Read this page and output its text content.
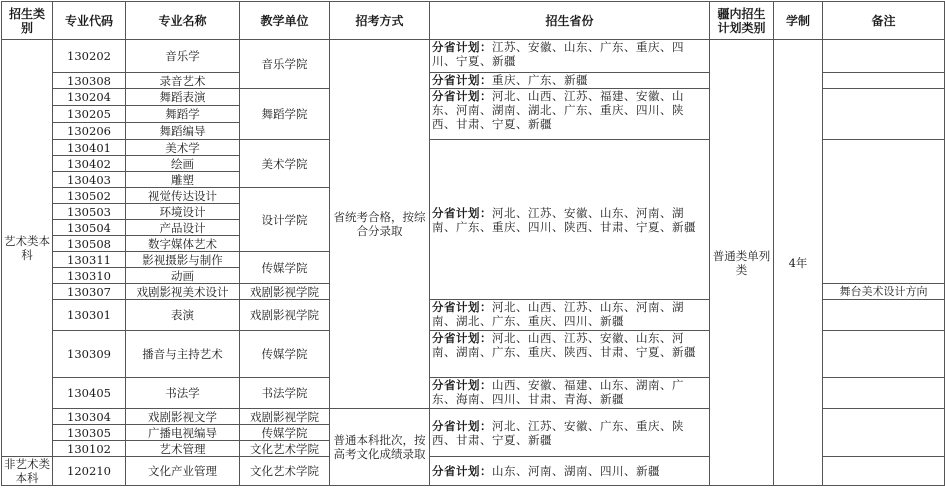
招生类别	专业代码	专业名称	教学单位	招考方式	招生省份	疆内招生计划类别	学制	备注
艺术类本科	130202	音乐学	音乐学院	省统考合格，按综合分录取	分省计划：江苏、安徽、山东、广东、重庆、四川、宁夏、新疆	普通类单列类	4年	
	130308	录音艺术			分省计划：重庆、广东、新疆			
	130204	舞蹈表演	舞蹈学院		分省计划：河北、山西、江苏、福建、安徽、山东、河南、湖南、湖北、广东、重庆、四川、陕西、甘肃、宁夏、新疆			
	130205	舞蹈学						
	130206	舞蹈编导						
	130401	美术学	美术学院		分省计划：河北、江苏、安徽、山东、河南、湖南、广东、重庆、四川、陕西、甘肃、宁夏、新疆			
	130402	绘画						
	130403	雕塑						
	130502	视觉传达设计	设计学院					
	130503	环境设计						
	130504	产品设计						
	130508	数字媒体艺术						
	130311	影视摄影与制作	传媒学院					
	130310	动画						
	130307	戏剧影视美术设计	戏剧影视学院					舞台美术设计方向
	130301	表演	戏剧影视学院		分省计划：河北、山西、江苏、山东、河南、湖南、湖北、广东、重庆、四川、新疆			
	130309	播音与主持艺术	传媒学院		分省计划：河北、山西、江苏、安徽、山东、河南、湖南、广东、重庆、陕西、甘肃、宁夏、新疆			
	130405	书法学	书法学院		分省计划：山西、安徽、福建、山东、湖南、广东、海南、四川、甘肃、青海、新疆			
	130304	戏剧影视文学	戏剧影视学院	普通本科批次，按高考文化成绩录取	分省计划：河北、江苏、安徽、广东、重庆、陕西、甘肃、宁夏、新疆			
	130305	广播电视编导	传媒学院					
	130102	艺术管理	文化艺术学院					
非艺术类本科	120210	文化产业管理	文化艺术学院		分省计划：山东、河南、湖南、四川、新疆			
